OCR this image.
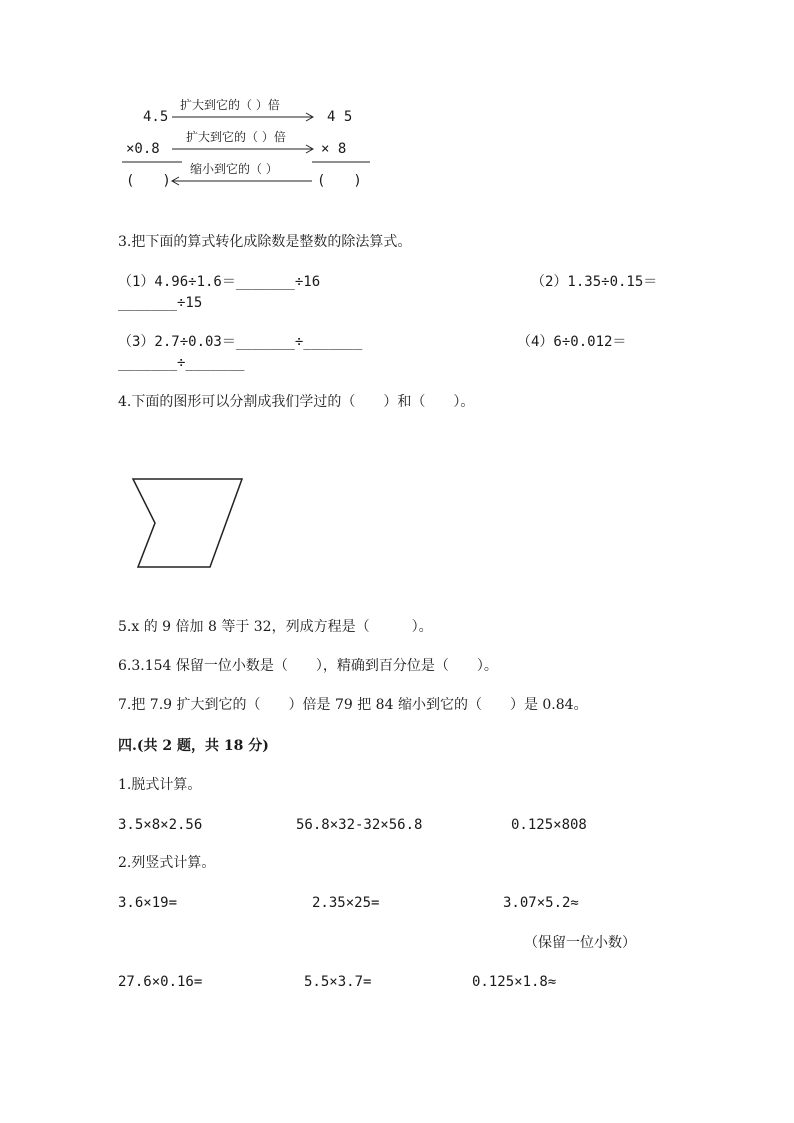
4.5
扩大到它的（ ）倍
4 5
×0.8
扩大到它的（ ）倍
× 8
(　　)
缩小到它的（ ）
(　　)
3.把下面的算式转化成除数是整数的除法算式。
（1）4.96÷1.6＝_______÷16	（2）1.35÷0.15＝
_______÷15
（3）2.7÷0.03＝_______÷_______	（4）6÷0.012＝
_______÷_______
4.下面的图形可以分割成我们学过的（　　）和（　　）。
5.x 的 9 倍加 8 等于 32，列成方程是（　　　）。
6.3.154 保留一位小数是（　　），精确到百分位是（　　）。
7.把 7.9 扩大到它的（　　）倍是 79 把 84 缩小到它的（　　）是 0.84。
四.(共 2 题，共 18 分)
1.脱式计算。
3.5×8×2.56	56.8×32-32×56.8	0.125×808
2.列竖式计算。
3.6×19=	2.35×25=	3.07×5.2≈
（保留一位小数）
27.6×0.16=	5.5×3.7=	0.125×1.8≈
